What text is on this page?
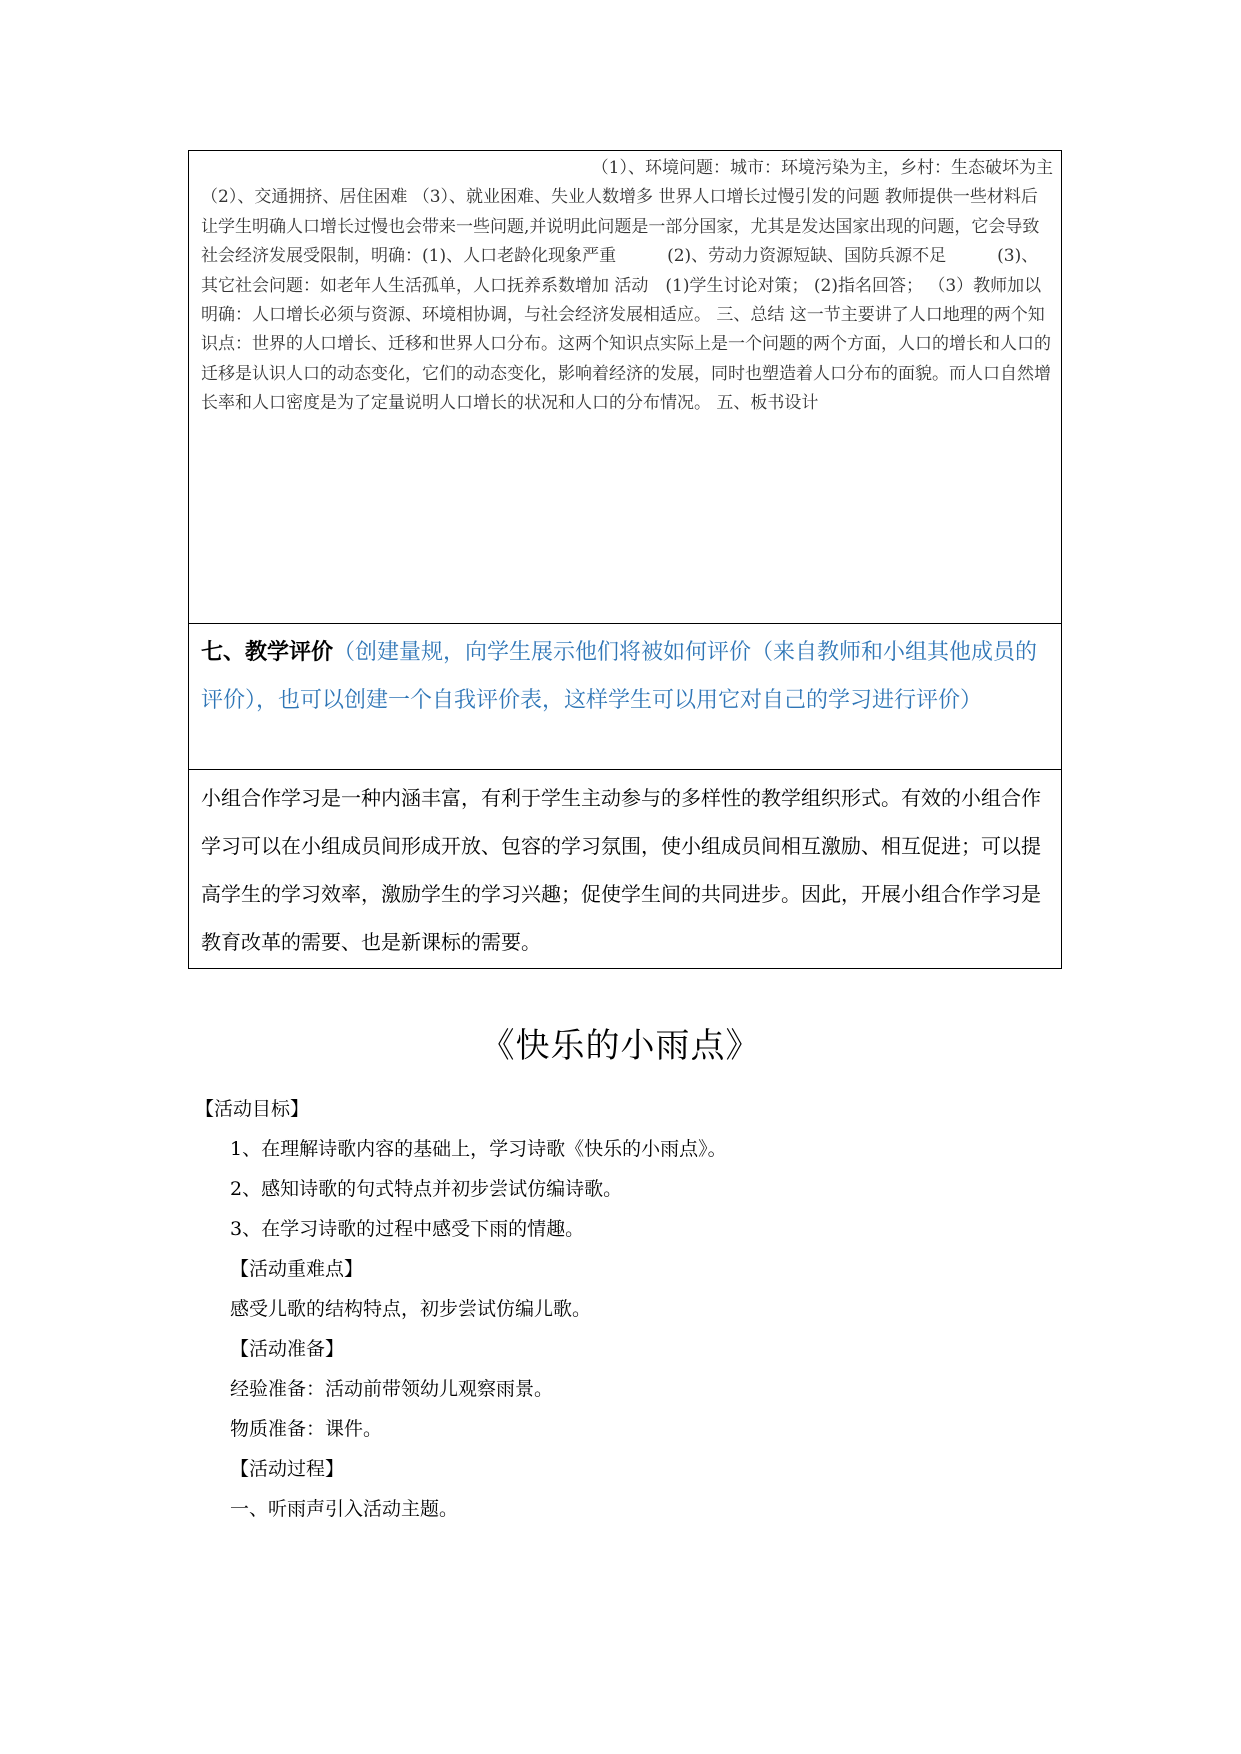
（1）、环境问题：城市：环境污染为主，乡村：生态破坏为主
（2）、交通拥挤、居住困难 （3）、就业困难、失业人数增多 世界人口增长过慢引发的问题 教师提供一些材料后让学生明确人口增长过慢也会带来一些问题,并说明此问题是一部分国家，尤其是发达国家出现的问题，它会导致社会经济发展受限制，明确：(1)、人口老龄化现象严重　　　(2)、劳动力资源短缺、国防兵源不足　　　(3)、其它社会问题：如老年人生活孤单，人口抚养系数增加 活动　(1)学生讨论对策； (2)指名回答； （3）教师加以明确：人口增长必须与资源、环境相协调，与社会经济发展相适应。 三、总结 这一节主要讲了人口地理的两个知识点：世界的人口增长、迁移和世界人口分布。这两个知识点实际上是一个问题的两个方面，人口的增长和人口的迁移是认识人口的动态变化，它们的动态变化，影响着经济的发展，同时也塑造着人口分布的面貌。而人口自然增长率和人口密度是为了定量说明人口增长的状况和人口的分布情况。 五、板书设计
七、教学评价（创建量规，向学生展示他们将被如何评价（来自教师和小组其他成员的评价），也可以创建一个自我评价表，这样学生可以用它对自己的学习进行评价）
小组合作学习是一种内涵丰富，有利于学生主动参与的多样性的教学组织形式。有效的小组合作学习可以在小组成员间形成开放、包容的学习氛围，使小组成员间相互激励、相互促进；可以提高学生的学习效率，激励学生的学习兴趣；促使学生间的共同进步。因此，开展小组合作学习是教育改革的需要、也是新课标的需要。
《快乐的小雨点》
【活动目标】
1、在理解诗歌内容的基础上，学习诗歌《快乐的小雨点》。
2、感知诗歌的句式特点并初步尝试仿编诗歌。
3、在学习诗歌的过程中感受下雨的情趣。
【活动重难点】
感受儿歌的结构特点，初步尝试仿编儿歌。
【活动准备】
经验准备：活动前带领幼儿观察雨景。
物质准备：课件。
【活动过程】
一、听雨声引入活动主题。
